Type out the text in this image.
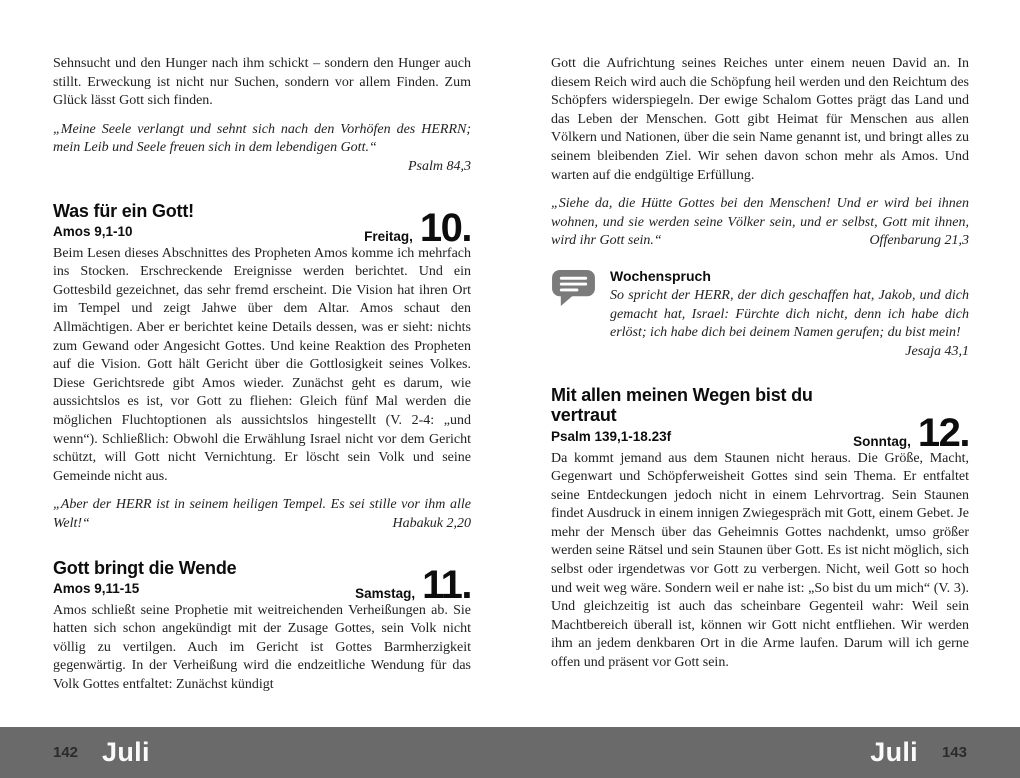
Sehnsucht und den Hunger nach ihm schickt – sondern den Hunger auch stillt. Erweckung ist nicht nur Suchen, sondern vor allem Finden. Zum Glück lässt Gott sich finden.

„Meine Seele verlangt und sehnt sich nach den Vorhöfen des HERRN; mein Leib und Seele freuen sich in dem lebendigen Gott.“

Psalm 84,3
Was für ein Gott!
Amos 9,1-10	Freitag, 10.

Beim Lesen dieses Abschnittes des Propheten Amos komme ich mehrfach ins Stocken. Erschreckende Ereignisse werden berichtet. Und ein Gottesbild gezeichnet, das sehr fremd erscheint. Die Vision hat ihren Ort im Tempel und zeigt Jahwe über dem Altar. Amos schaut den Allmächtigen. Aber er berichtet keine Details dessen, was er sieht: nichts zum Gewand oder Angesicht Gottes. Und keine Reaktion des Propheten auf die Vision. Gott hält Gericht über die Gottlosigkeit seines Volkes. Diese Gerichtsrede gibt Amos wieder. Zunächst geht es darum, wie aussichtslos es ist, vor Gott zu fliehen: Gleich fünf Mal werden die möglichen Fluchtoptionen als aussichtslos hingestellt (V. 2-4: „und wenn“). Schließlich: Obwohl die Erwählung Israel nicht vor dem Gericht schützt, will Gott nicht Vernichtung. Er löscht sein Volk und seine Gemeinde nicht aus.

„Aber der HERR ist in seinem heiligen Tempel. Es sei stille vor ihm alle Welt!“	Habakuk 2,20

Gott bringt die Wende
Amos 9,11-15	Samstag, 11.

Amos schließt seine Prophetie mit weitreichenden Verheißungen ab. Sie hatten sich schon angekündigt mit der Zusage Gottes, sein Volk nicht völlig zu vertilgen. Auch im Gericht ist Gottes Barmherzigkeit gegenwärtig. In der Verheißung wird die endzeitliche Wendung für das Volk Gottes entfaltet: Zunächst kündigt

Gott die Aufrichtung seines Reiches unter einem neuen David an. In diesem Reich wird auch die Schöpfung heil werden und den Reichtum des Schöpfers widerspiegeln. Der ewige Schalom Gottes prägt das Land und das Leben der Menschen. Gott gibt Heimat für Menschen aus allen Völkern und Nationen, über die sein Name genannt ist, und bringt alles zu seinem bleibenden Ziel. Wir sehen davon schon mehr als Amos. Und warten auf die endgültige Erfüllung.

„Siehe da, die Hütte Gottes bei den Menschen! Und er wird bei ihnen wohnen, und sie werden seine Völker sein, und er selbst, Gott mit ihnen, wird ihr Gott sein.“	Offenbarung 21,3

Wochenspruch

So spricht der HERR, der dich geschaffen hat, Jakob, und dich gemacht hat, Israel: Fürchte dich nicht, denn ich habe dich erlöst; ich habe dich bei deinem Namen gerufen; du bist mein!

Jesaja 43,1
Mit allen meinen Wegen bist du vertraut
Psalm 139,1-18.23f	Sonntag, 12.

Da kommt jemand aus dem Staunen nicht heraus. Die Größe, Macht, Gegenwart und Schöpferweisheit Gottes sind sein Thema. Er entfaltet seine Entdeckungen jedoch nicht in einem Lehrvortrag. Sein Staunen findet Ausdruck in einem innigen Zwiegespräch mit Gott, einem Gebet. Je mehr der Mensch über das Geheimnis Gottes nachdenkt, umso größer werden seine Rätsel und sein Staunen über Gott. Es ist nicht möglich, sich selbst oder irgendetwas vor Gott zu verbergen. Nicht, weil Gott so hoch und weit weg wäre. Sondern weil er nahe ist: „So bist du um mich“ (V. 3). Und gleichzeitig ist auch das scheinbare Gegenteil wahr: Weil sein Machtbereich überall ist, können wir Gott nicht entfliehen. Wir werden ihm an jedem denkbaren Ort in die Arme laufen. Darum will ich gerne offen und präsent vor Gott sein.

142 Juli	Juli 143
